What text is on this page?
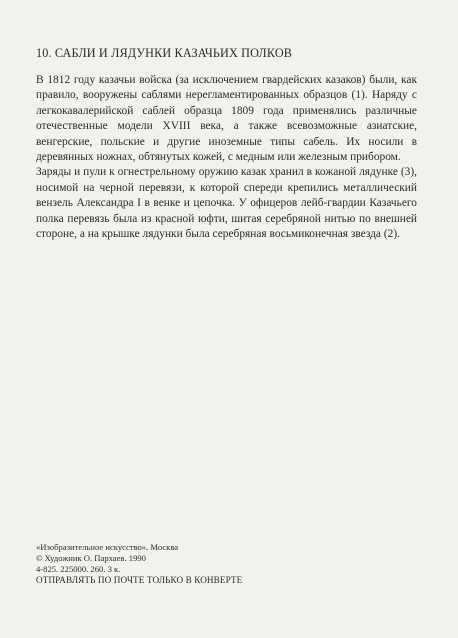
10. САБЛИ И ЛЯДУНКИ КАЗАЧЬИХ ПОЛКОВ

В 1812 году казачьи войска (за исключением гвардейских казаков) были, как правило, вооружены саблями нерегламентированных образцов (1). Наряду с легкокавалерийской саблей образца 1809 года применялись различные отечественные модели XVIII века, а также всевозможные азиатские, венгерские, польские и другие иноземные типы сабель. Их носили в деревянных ножнах, обтянутых кожей, с медным или железным прибором.

Заряды и пули к огнестрельному оружию казак хранил в кожаной лядунке (3), носимой на черной перевязи, к которой спереди крепились металлический вензель Александра I в венке и цепочка. У офицеров лейб-гвардии Казачьего полка перевязь была из красной юфти, шитая серебряной нитью по внешней стороне, а на крышке лядунки была серебряная восьмиконечная звезда (2).

«Изобразительное искусство». Москва
© Художник О. Пархаев. 1990
4-825. 225000. 260. 3 к.
ОТПРАВЛЯТЬ ПО ПОЧТЕ ТОЛЬКО В КОНВЕРТЕ
